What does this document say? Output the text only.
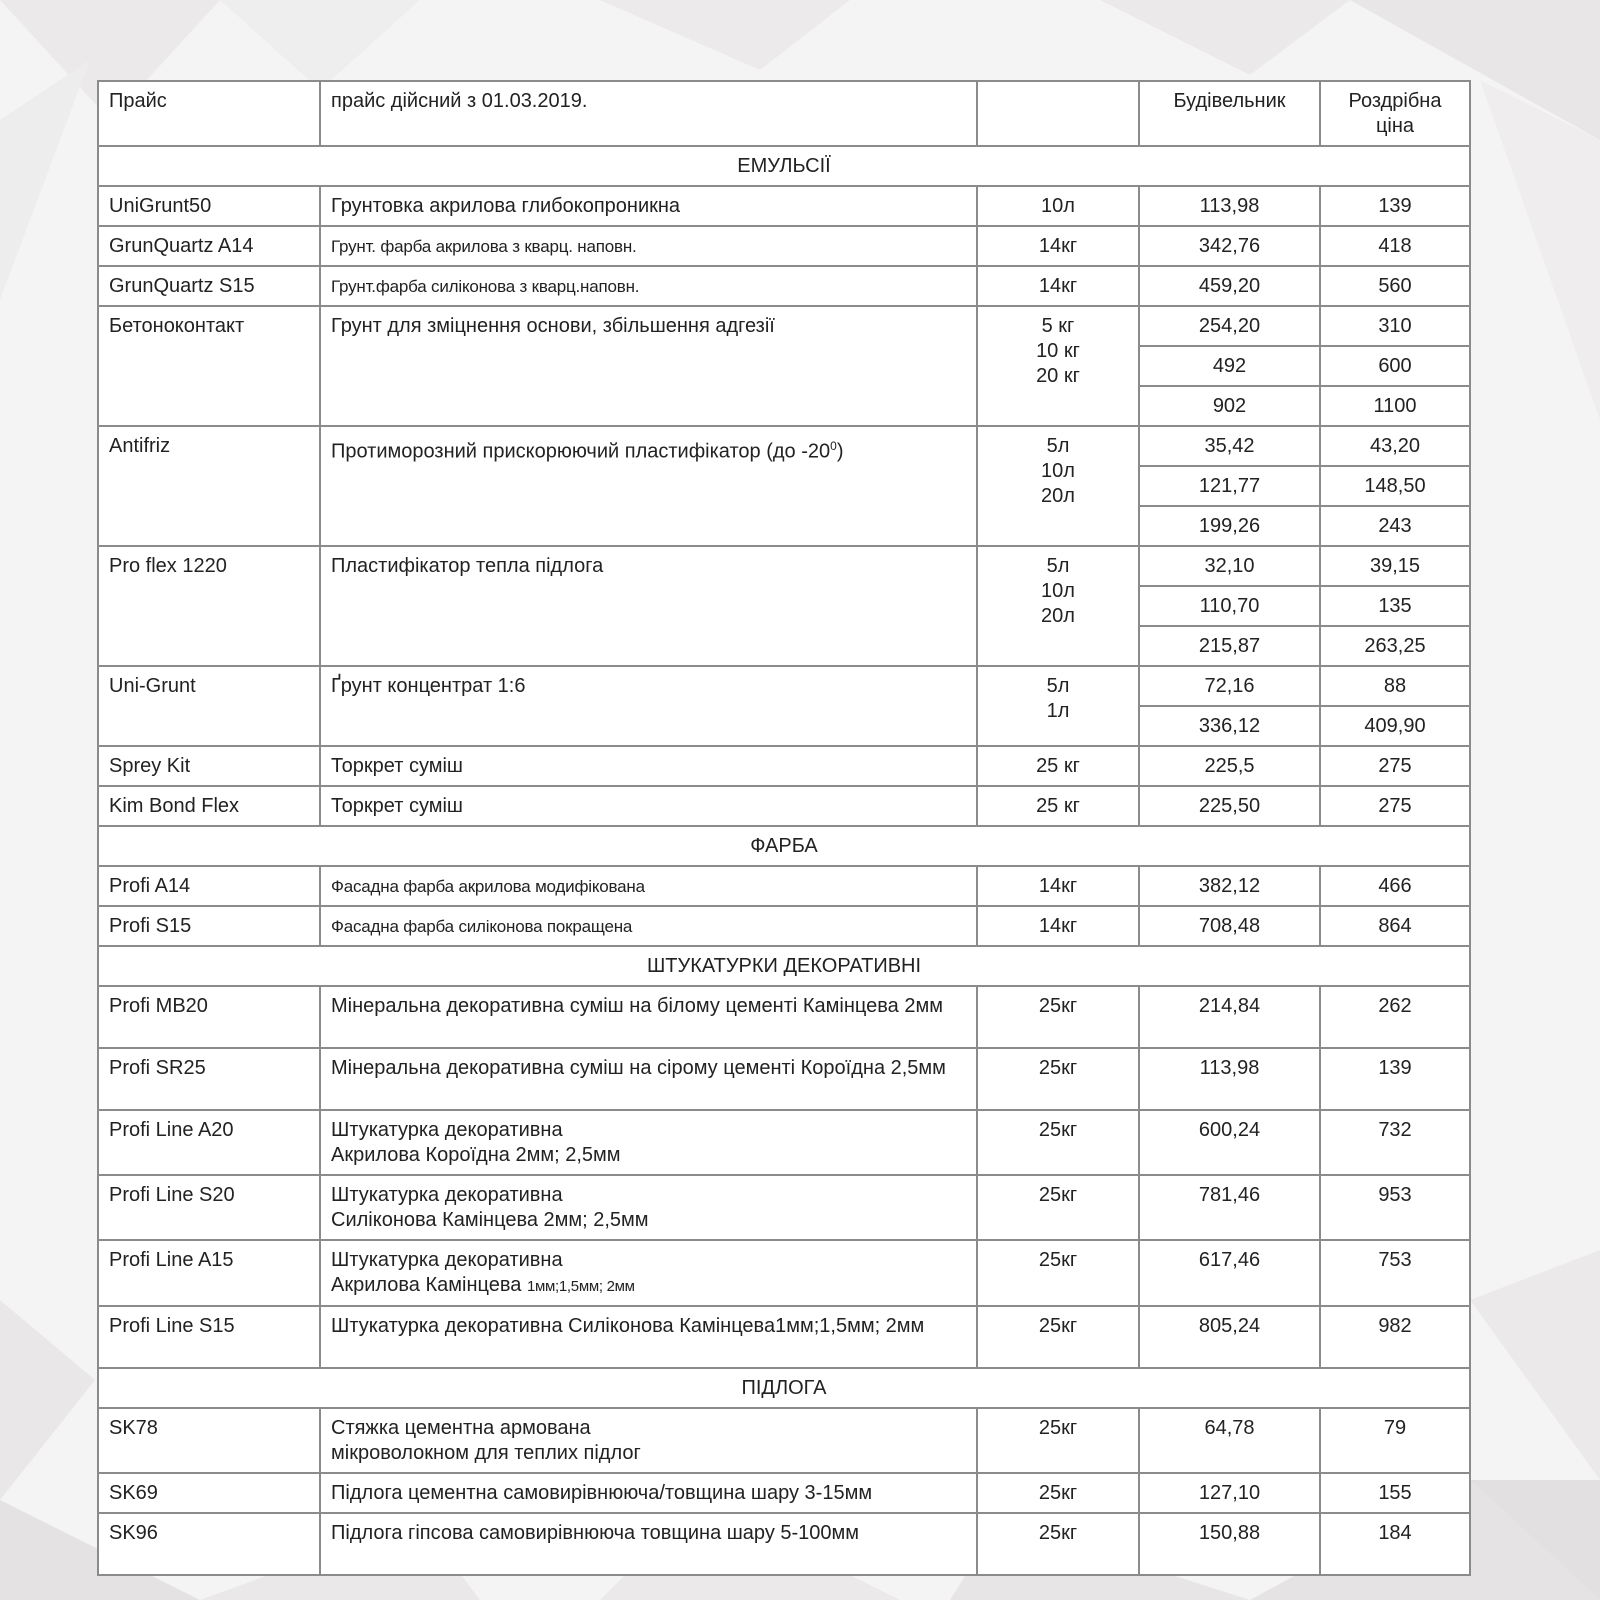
Прайс	прайс дійсний з 01.03.2019.		Будівельник	Роздрібна
ціна

ЕМУЛЬСІЇ				
UniGrunt50	Грунтовка акрилова глибокопроникна	10л	113,98	139
GrunQuartz A14	Грунт. фарба акрилова з кварц. наповн.	14кг	342,76	418
GrunQuartz S15	Грунт.фарба силіконова з кварц.наповн.	14кг	459,20	560
Бетоноконтакт	Грунт для зміцнення основи, збільшення адгезії	5 кг
10 кг
20 кг	254,20	310
			492	600
			902	1100
Antifriz	Протиморозний прискорюючий пластифікатор (до $-20^0$)	5л
10л
20л	35,42	43,20
			121,77	148,50
			199,26	243
Pro flex 1220	Пластифікатор тепла підлога	5л
10л
20л	32,10	39,15
			110,70	135
			215,87	263,25
Uni-Grunt	Ґрунт концентрат 1:6	5л
1л	72,16	88
			336,12	409,90
Sprey Kit	Торкрет суміш	25 кг	225,5	275
Kim Bond Flex	Торкрет суміш	25 кг	225,50	275
ФАРБА				
Profi A14	Фасадна фарба акрилова модифікована	14кг	382,12	466
Profi S15	Фасадна фарба силіконова покращена	14кг	708,48	864
ШТУКАТУРКИ ДЕКОРАТИВНІ				
Profi MB20	Мінеральна декоративна суміш на білому цементі Камінцева 2мм	25кг	214,84	262
Profi SR25	Мінеральна декоративна суміш на сірому цементі Короїдна 2,5мм	25кг	113,98	139
Profi Line A20	Штукатурка декоративна
Акрилова Короїдна 2мм; 2,5мм	25кг	600,24	732
Profi Line S20	Штукатурка декоративна
Силіконова Камінцева 2мм; 2,5мм	25кг	781,46	953
Profi Line A15	Штукатурка декоративна
Акрилова Камінцева 1мм;1,5мм; 2мм	25кг	617,46	753
Profi Line S15	Штукатурка декоративна Силіконова Камінцева1мм;1,5мм; 2мм	25кг	805,24	982
ПІДЛОГА				
SK78	Стяжка цементна армована
мікроволокном для теплих підлог	25кг	64,78	79
SK69	Підлога цементна самовирівнююча/товщина шару 3-15мм	25кг	127,10	155
SK96	Підлога гіпсова самовирівнююча товщина шару 5-100мм	25кг	150,88	184
